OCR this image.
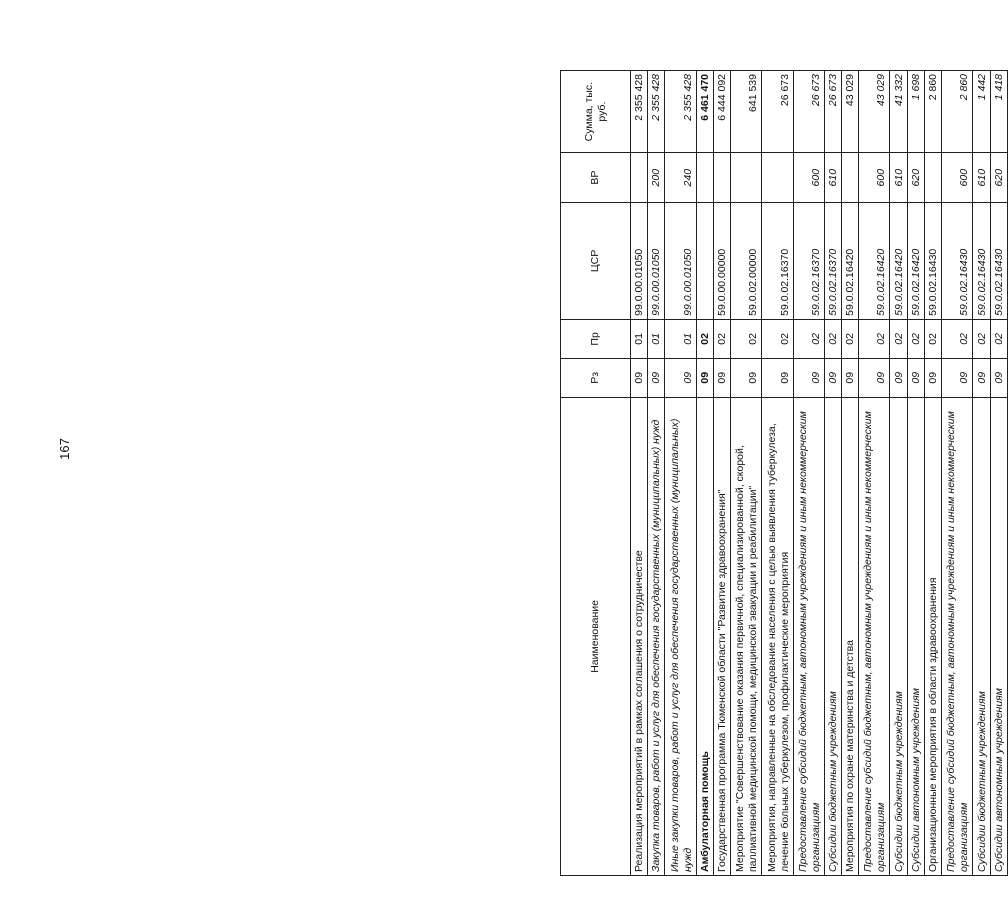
167
Наименование	Рз	Пр	ЦСР	ВР	Сумма, тыс. руб.
Реализация мероприятий в рамках соглашения о сотрудничестве	09	01	99.0.00.01050		2 355 428
Закупка товаров, работ и услуг для обеспечения государственных (муниципальных) нужд	09	01	99.0.00.01050	200	2 355 428
Иные закупки товаров, работ и услуг для обеспечения государственных (муниципальных) нужд	09	01	99.0.00.01050	240	2 355 428
Амбулаторная помощь	09	02			6 461 470
Государственная программа Тюменской области "Развитие здравоохранения"	09	02	59.0.00.00000		6 444 092
Мероприятие "Совершенствование оказания первичной, специализированной, скорой, паллиативной медицинской помощи, медицинской эвакуации и реабилитации"	09	02	59.0.02.00000		641 539
Мероприятия, направленные на обследование населения с целью выявления туберкулеза, лечение больных туберкулезом, профилактические мероприятия	09	02	59.0.02.16370		26 673
Предоставление субсидий бюджетным, автономным учреждениям и иным некоммерческим организациям	09	02	59.0.02.16370	600	26 673
Субсидии бюджетным учреждениям	09	02	59.0.02.16370	610	26 673
Мероприятия по охране материнства и детства	09	02	59.0.02.16420		43 029
Предоставление субсидий бюджетным, автономным учреждениям и иным некоммерческим организациям	09	02	59.0.02.16420	600	43 029
Субсидии бюджетным учреждениям	09	02	59.0.02.16420	610	41 332
Субсидии автономным учреждениям	09	02	59.0.02.16420	620	1 698
Организационные мероприятия в области здравоохранения	09	02	59.0.02.16430		2 860
Предоставление субсидий бюджетным, автономным учреждениям и иным некоммерческим организациям	09	02	59.0.02.16430	600	2 860
Субсидии бюджетным учреждениям	09	02	59.0.02.16430	610	1 442
Субсидии автономным учреждениям	09	02	59.0.02.16430	620	1 418
